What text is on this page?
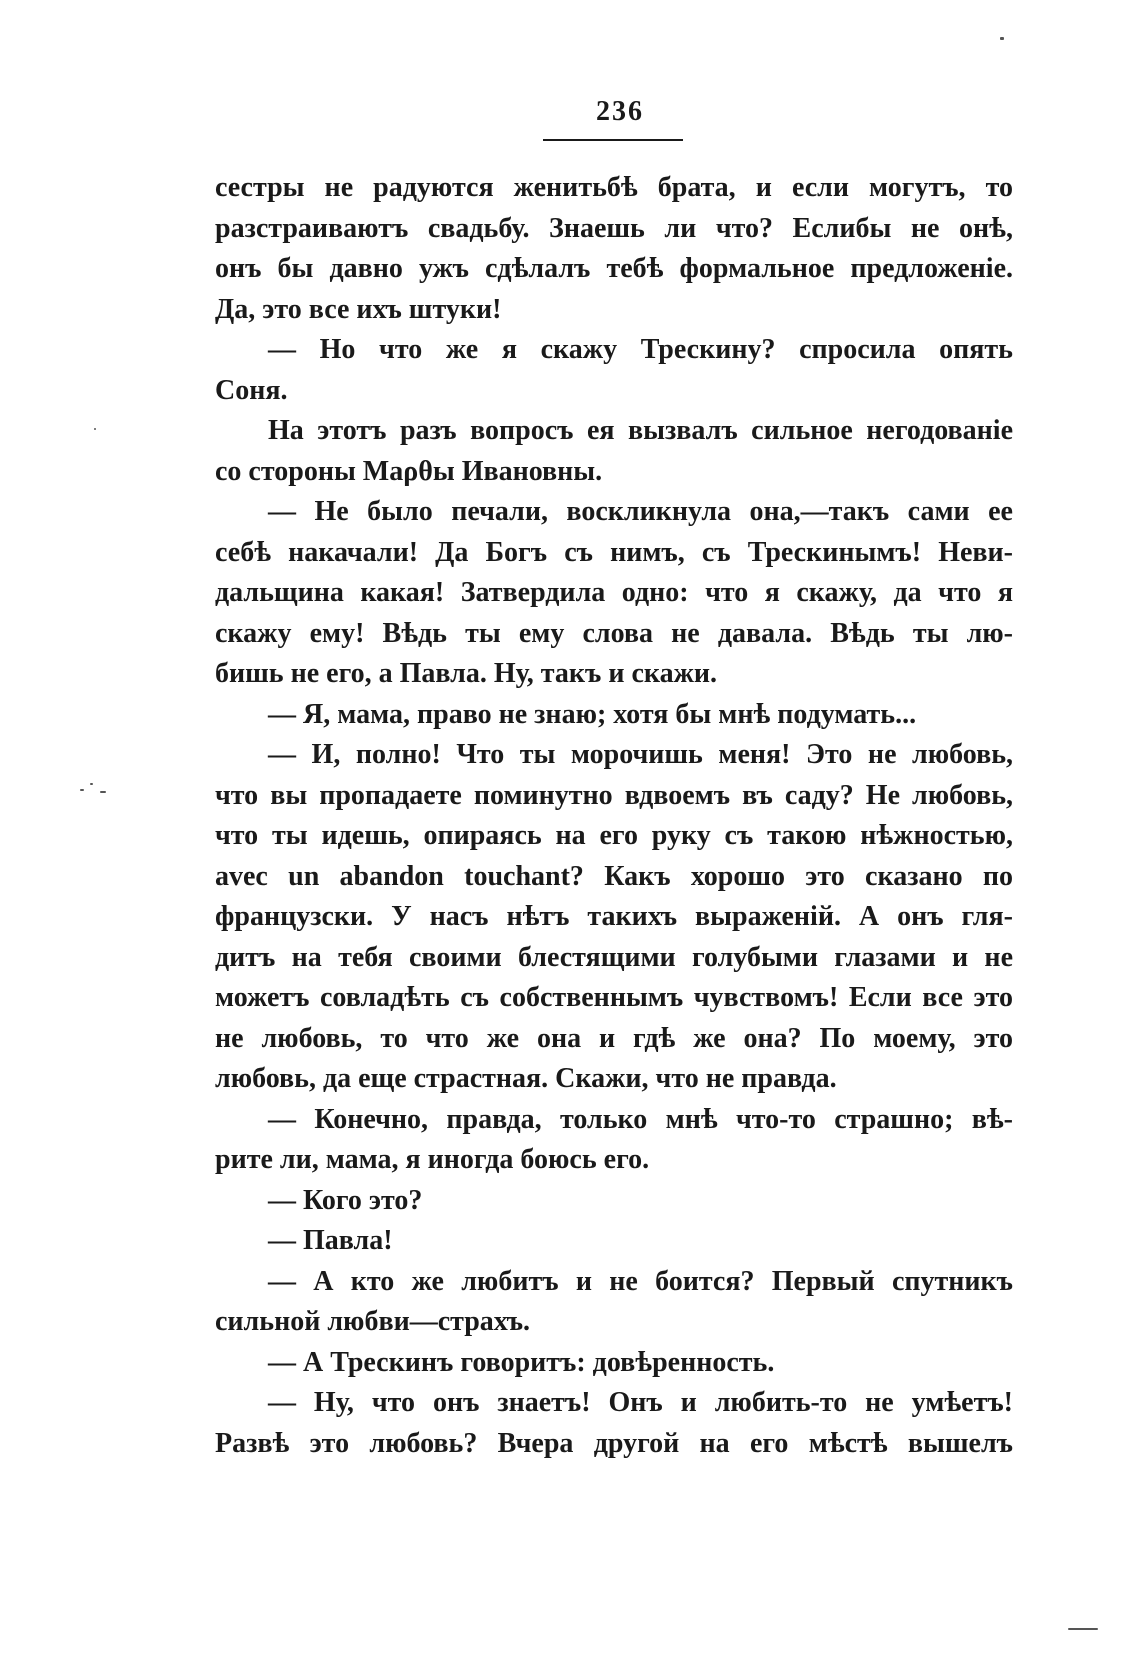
236
сестры не радуются женитьбѣ брата, и если могутъ, то
разстраиваютъ свадьбу. Знаешь ли что? Еслибы не онѣ,
онъ бы давно ужъ сдѣлалъ тебѣ формальное предложеніе.
Да, это все ихъ штуки!
— Но что же я скажу Трескину? спросила опять
Соня.
На этотъ разъ вопросъ ея вызвалъ сильное негодованіе
со стороны Маρθы Ивановны.
— Не было печали, воскликнула она,—такъ сами ее
себѣ накачали! Да Богъ съ нимъ, съ Трескинымъ! Неви-
дальщина какая! Затвердила одно: что я скажу, да что я
скажу ему! Вѣдь ты ему слова не давала. Вѣдь ты лю-
бишь не его, а Павла. Ну, такъ и скажи.
— Я, мама, право не знаю; хотя бы мнѣ подумать...
— И, полно! Что ты морочишь меня! Это не любовь,
что вы пропадаете поминутно вдвоемъ въ саду? Не любовь,
что ты идешь, опираясь на его руку съ такою нѣжностью,
avec un abandon touchant? Какъ хорошо это сказано по
французски. У насъ нѣтъ такихъ выраженій. А онъ гля-
дитъ на тебя своими блестящими голубыми глазами и не
можетъ совладѣть съ собственнымъ чувствомъ! Если все это
не любовь, то что же она и гдѣ же она? По моему, это
любовь, да еще страстная. Скажи, что не правда.
— Конечно, правда, только мнѣ что-то страшно; вѣ-
рите ли, мама, я иногда боюсь его.
— Кого это?
— Павла!
— А кто же любитъ и не боится? Первый спутникъ
сильной любви—страхъ.
— А Трескинъ говоритъ: довѣренность.
— Ну, что онъ знаетъ! Онъ и любить-то не умѣетъ!
Развѣ это любовь? Вчера другой на его мѣстѣ вышелъ
